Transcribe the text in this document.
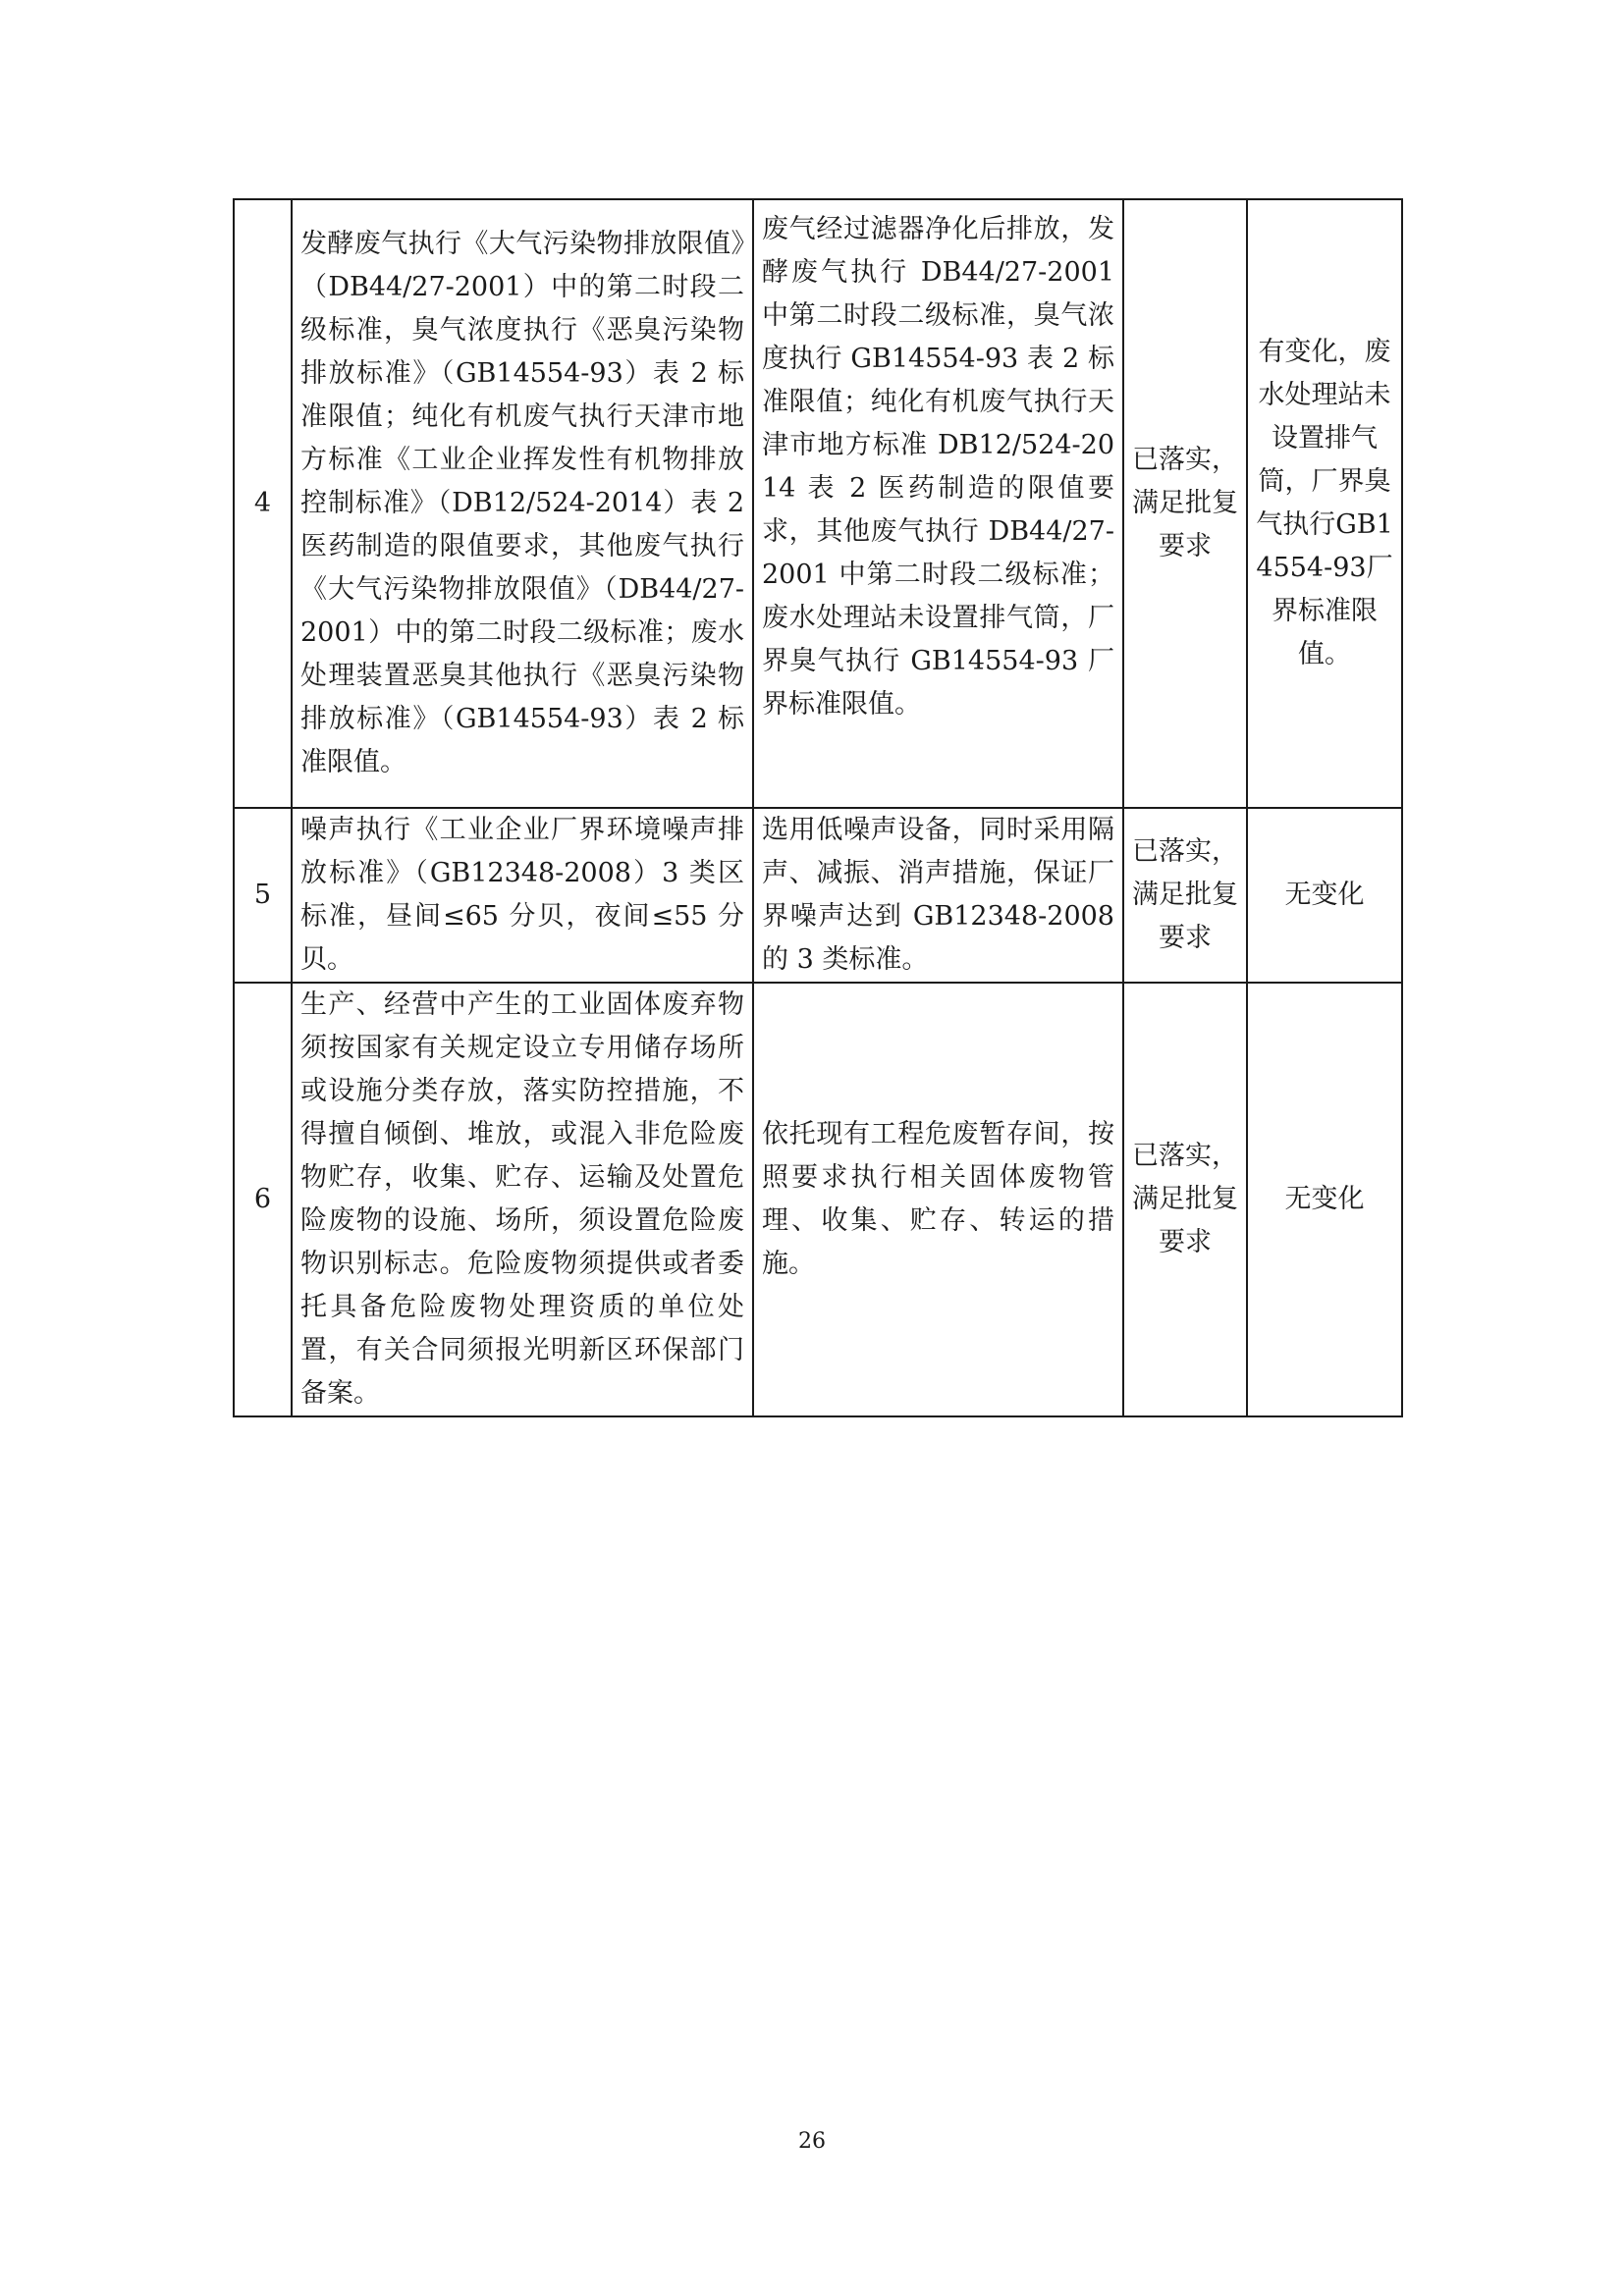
4	发酵废气执行《大气污染物排放限值》（DB44/27-2001）中的第二时段二级标准，臭气浓度执行《恶臭污染物排放标准》（GB14554-93）表 2 标准限值；纯化有机废气执行天津市地方标准《工业企业挥发性有机物排放控制标准》（DB12/524-2014）表 2 医药制造的限值要求，其他废气执行《大气污染物排放限值》（DB44/27-2001）中的第二时段二级标准；废水处理装置恶臭其他执行《恶臭污染物排放标准》（GB14554-93）表 2 标准限值。	废气经过滤器净化后排放，发酵废气执行 DB44/27-2001 中第二时段二级标准，臭气浓度执行 GB14554-93 表 2 标准限值；纯化有机废气执行天津市地方标准 DB12/524-2014 表 2 医药制造的限值要求，其他废气执行 DB44/27-2001 中第二时段二级标准；废水处理站未设置排气筒，厂界臭气执行 GB14554-93 厂界标准限值。	已落实，满足批复要求	有变化，废水处理站未设置排气筒，厂界臭气执行GB14554-93厂界标准限值。
5	噪声执行《工业企业厂界环境噪声排放标准》（GB12348-2008）3 类区标准，昼间≤65 分贝，夜间≤55 分贝。	选用低噪声设备，同时采用隔声、减振、消声措施，保证厂界噪声达到 GB12348-2008 的 3 类标准。	已落实，满足批复要求	无变化
6	生产、经营中产生的工业固体废弃物须按国家有关规定设立专用储存场所或设施分类存放，落实防控措施，不得擅自倾倒、堆放，或混入非危险废物贮存，收集、贮存、运输及处置危险废物的设施、场所，须设置危险废物识别标志。危险废物须提供或者委托具备危险废物处理资质的单位处置，有关合同须报光明新区环保部门备案。	依托现有工程危废暂存间，按照要求执行相关固体废物管理、收集、贮存、转运的措施。	已落实，满足批复要求	无变化
26
